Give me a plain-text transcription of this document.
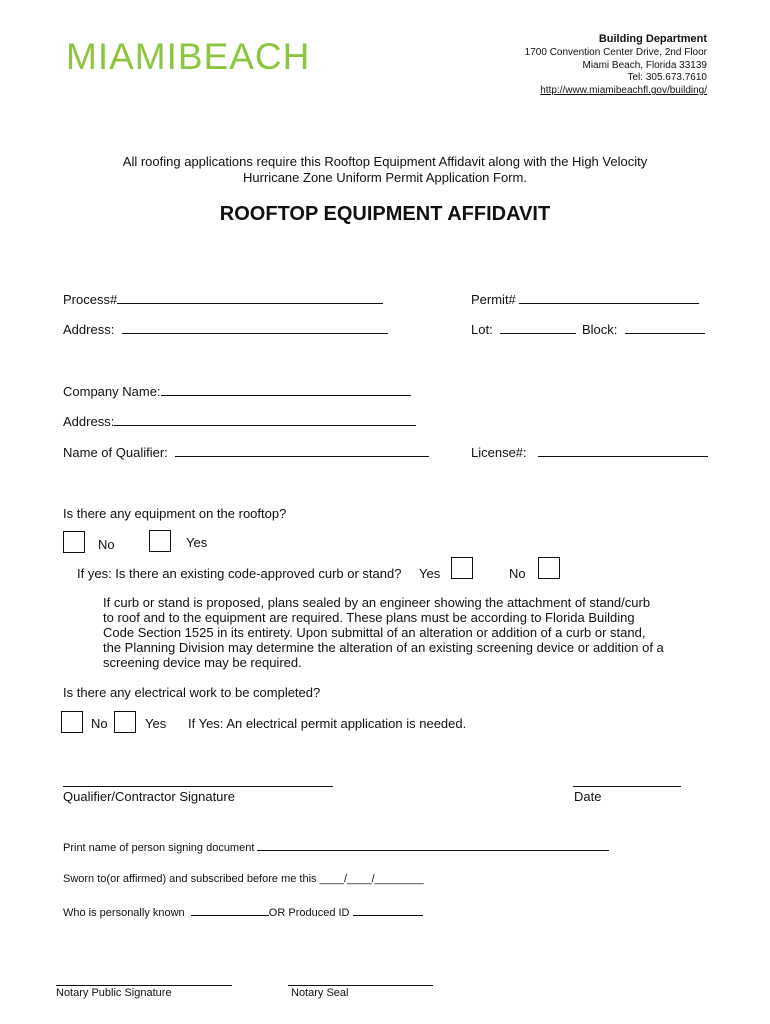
MIAMIBEACH	Building Department
1700 Convention Center Drive, 2nd Floor
Miami Beach, Florida 33139
Tel: 305.673.7610
http://www.miamibeachfl.gov/building/
All roofing applications require this Rooftop Equipment Affidavit along with the High Velocity
Hurricane Zone Uniform Permit Application Form.
ROOFTOP EQUIPMENT AFFIDAVIT
Process#	Permit#
Address:	Lot:	Block:
Company Name:
Address:
Name of Qualifier:	License#:
Is there any equipment on the rooftop?
No	Yes
If yes: Is there an existing code-approved curb or stand? Yes	No
If curb or stand is proposed, plans sealed by an engineer showing the attachment of stand/curb
to roof and to the equipment are required. These plans must be according to Florida Building
Code Section 1525 in its entirety. Upon submittal of an alteration or addition of a curb or stand,
the Planning Division may determine the alteration of an existing screening device or addition of a
screening device may be required.
Is there any electrical work to be completed?
No	Yes If Yes: An electrical permit application is needed.
Qualifier/Contractor Signature	Date
Print name of person signing document
Sworn to(or affirmed) and subscribed before me this ____/____/________
Who is personally known	OR Produced ID
Notary Public Signature	Notary Seal
